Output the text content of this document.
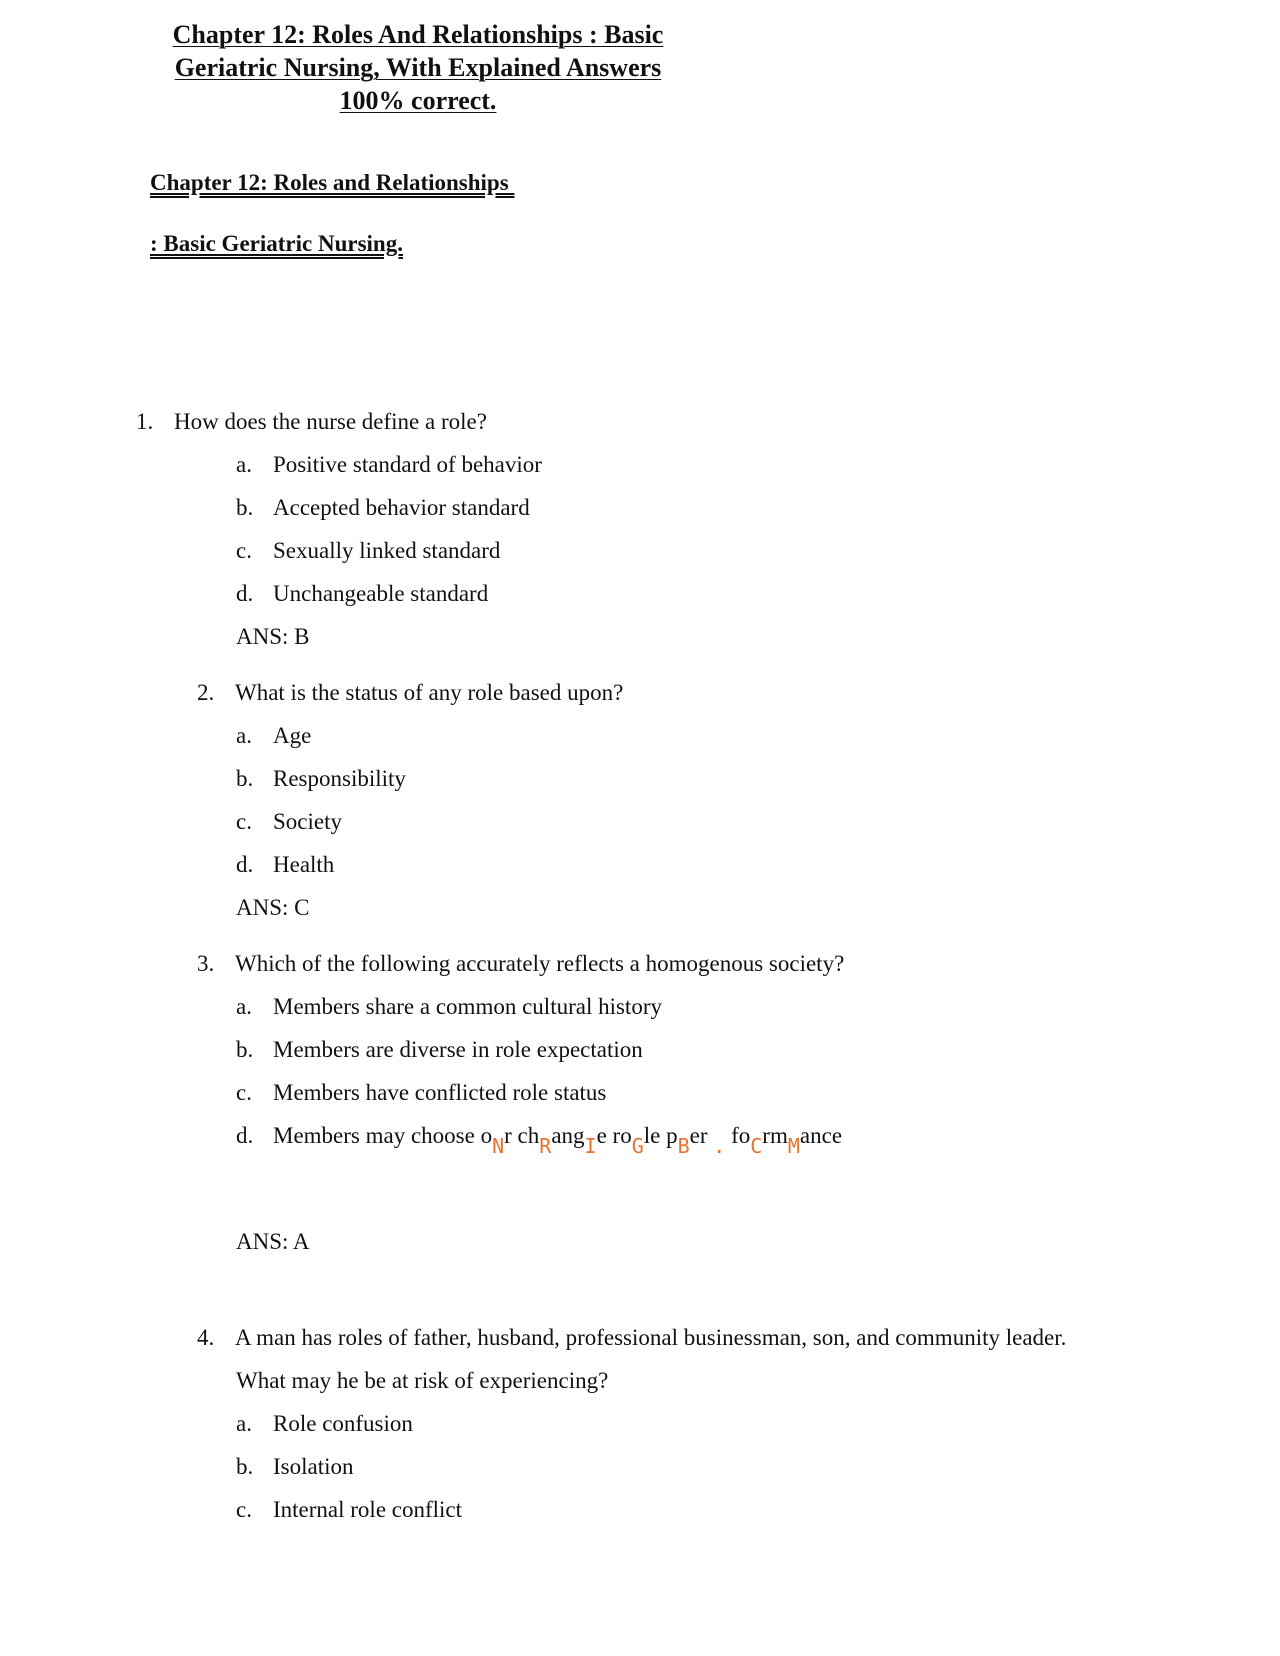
Chapter 12: Roles And Relationships : Basic
Geriatric Nursing, With Explained Answers
100% correct.
Chapter 12: Roles and Relationships
: Basic Geriatric Nursing.
1. How does the nurse define a role?
a. Positive standard of behavior
b. Accepted behavior standard
c. Sexually linked standard
d. Unchangeable standard
ANS: B
2. What is the status of any role based upon?
a. Age
b. Responsibility
c. Society
d. Health
ANS: C
3. Which of the following accurately reflects a homogenous society?
a. Members share a common cultural history
b. Members are diverse in role expectation
c. Members have conflicted role status
d. Members may choose oNr chRangIe roGle pBer . foCrmMance
ANS: A
4. A man has roles of father, husband, professional businessman, son, and community leader.
What may he be at risk of experiencing?
a. Role confusion
b. Isolation
c. Internal role conflict
